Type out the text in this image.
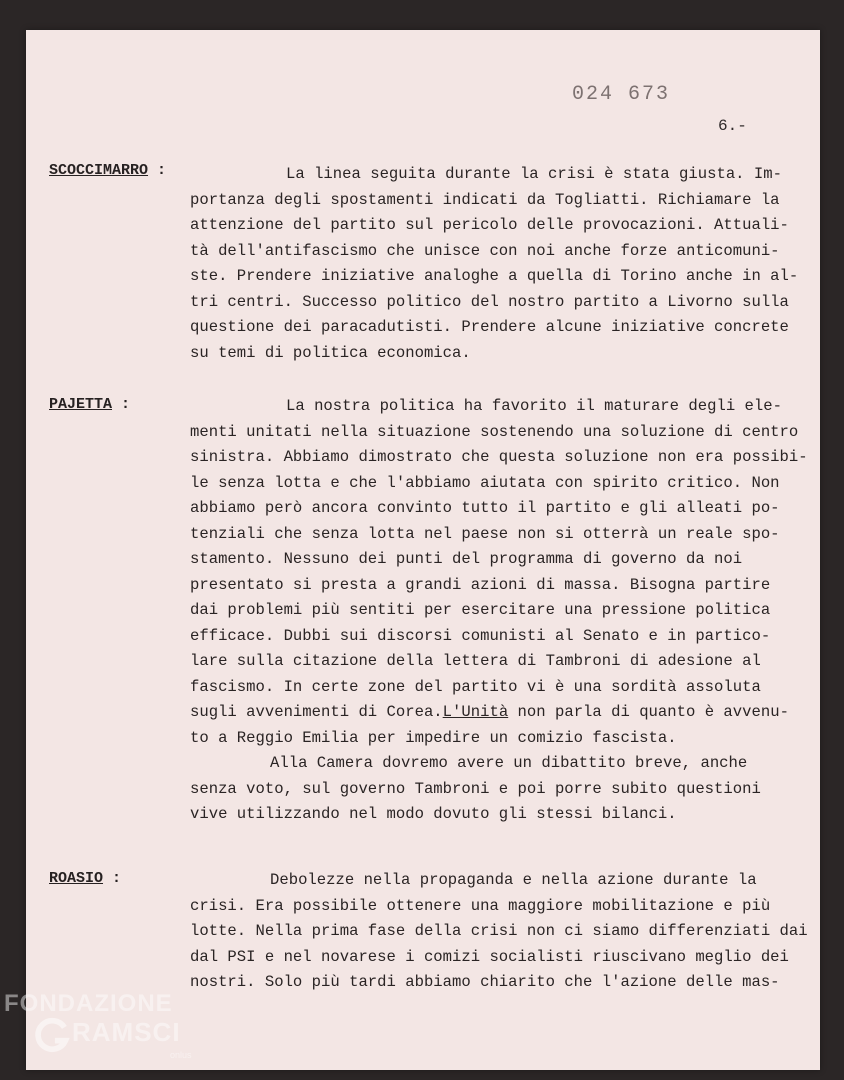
024 673
6.-
SCOCCIMARRO :	La linea seguita durante la crisi è stata giusta. Im-
portanza degli spostamenti indicati da Togliatti. Richiamare la
attenzione del partito sul pericolo delle provocazioni. Attuali-
tà dell'antifascismo che unisce con noi anche forze anticomuni-
ste. Prendere iniziative analoghe a quella di Torino anche in al-
tri centri. Successo politico del nostro partito a Livorno sulla
questione dei paracadutisti. Prendere alcune iniziative concrete
su temi di politica economica.
PAJETTA :	La nostra politica ha favorito il maturare degli ele-
menti unitati nella situazione sostenendo una soluzione di centro
sinistra. Abbiamo dimostrato che questa soluzione non era possibi-
le senza lotta e che l'abbiamo aiutata con spirito critico. Non
abbiamo però ancora convinto tutto il partito e gli alleati po-
tenziali che senza lotta nel paese non si otterrà un reale spo-
stamento. Nessuno dei punti del programma di governo da noi
presentato si presta a grandi azioni di massa. Bisogna partire
dai problemi più sentiti per esercitare una pressione politica
efficace. Dubbi sui discorsi comunisti al Senato e in partico-
lare sulla citazione della lettera di Tambroni di adesione al
fascismo. In certe zone del partito vi è una sordità assoluta
sugli avvenimenti di Corea.L'Unità non parla di quanto è avvenu-
to a Reggio Emilia per impedire un comizio fascista.
Alla Camera dovremo avere un dibattito breve, anche
senza voto, sul governo Tambroni e poi porre subito questioni
vive utilizzando nel modo dovuto gli stessi bilanci.
ROASIO :	Debolezze nella propaganda e nella azione durante la
crisi. Era possibile ottenere una maggiore mobilitazione e più
lotte. Nella prima fase della crisi non ci siamo differenziati dai
dal PSI e nel novarese i comizi socialisti riuscivano meglio dei
nostri. Solo più tardi abbiamo chiarito che l'azione delle mas-
FONDAZIONE
RAMSCI
onlus
